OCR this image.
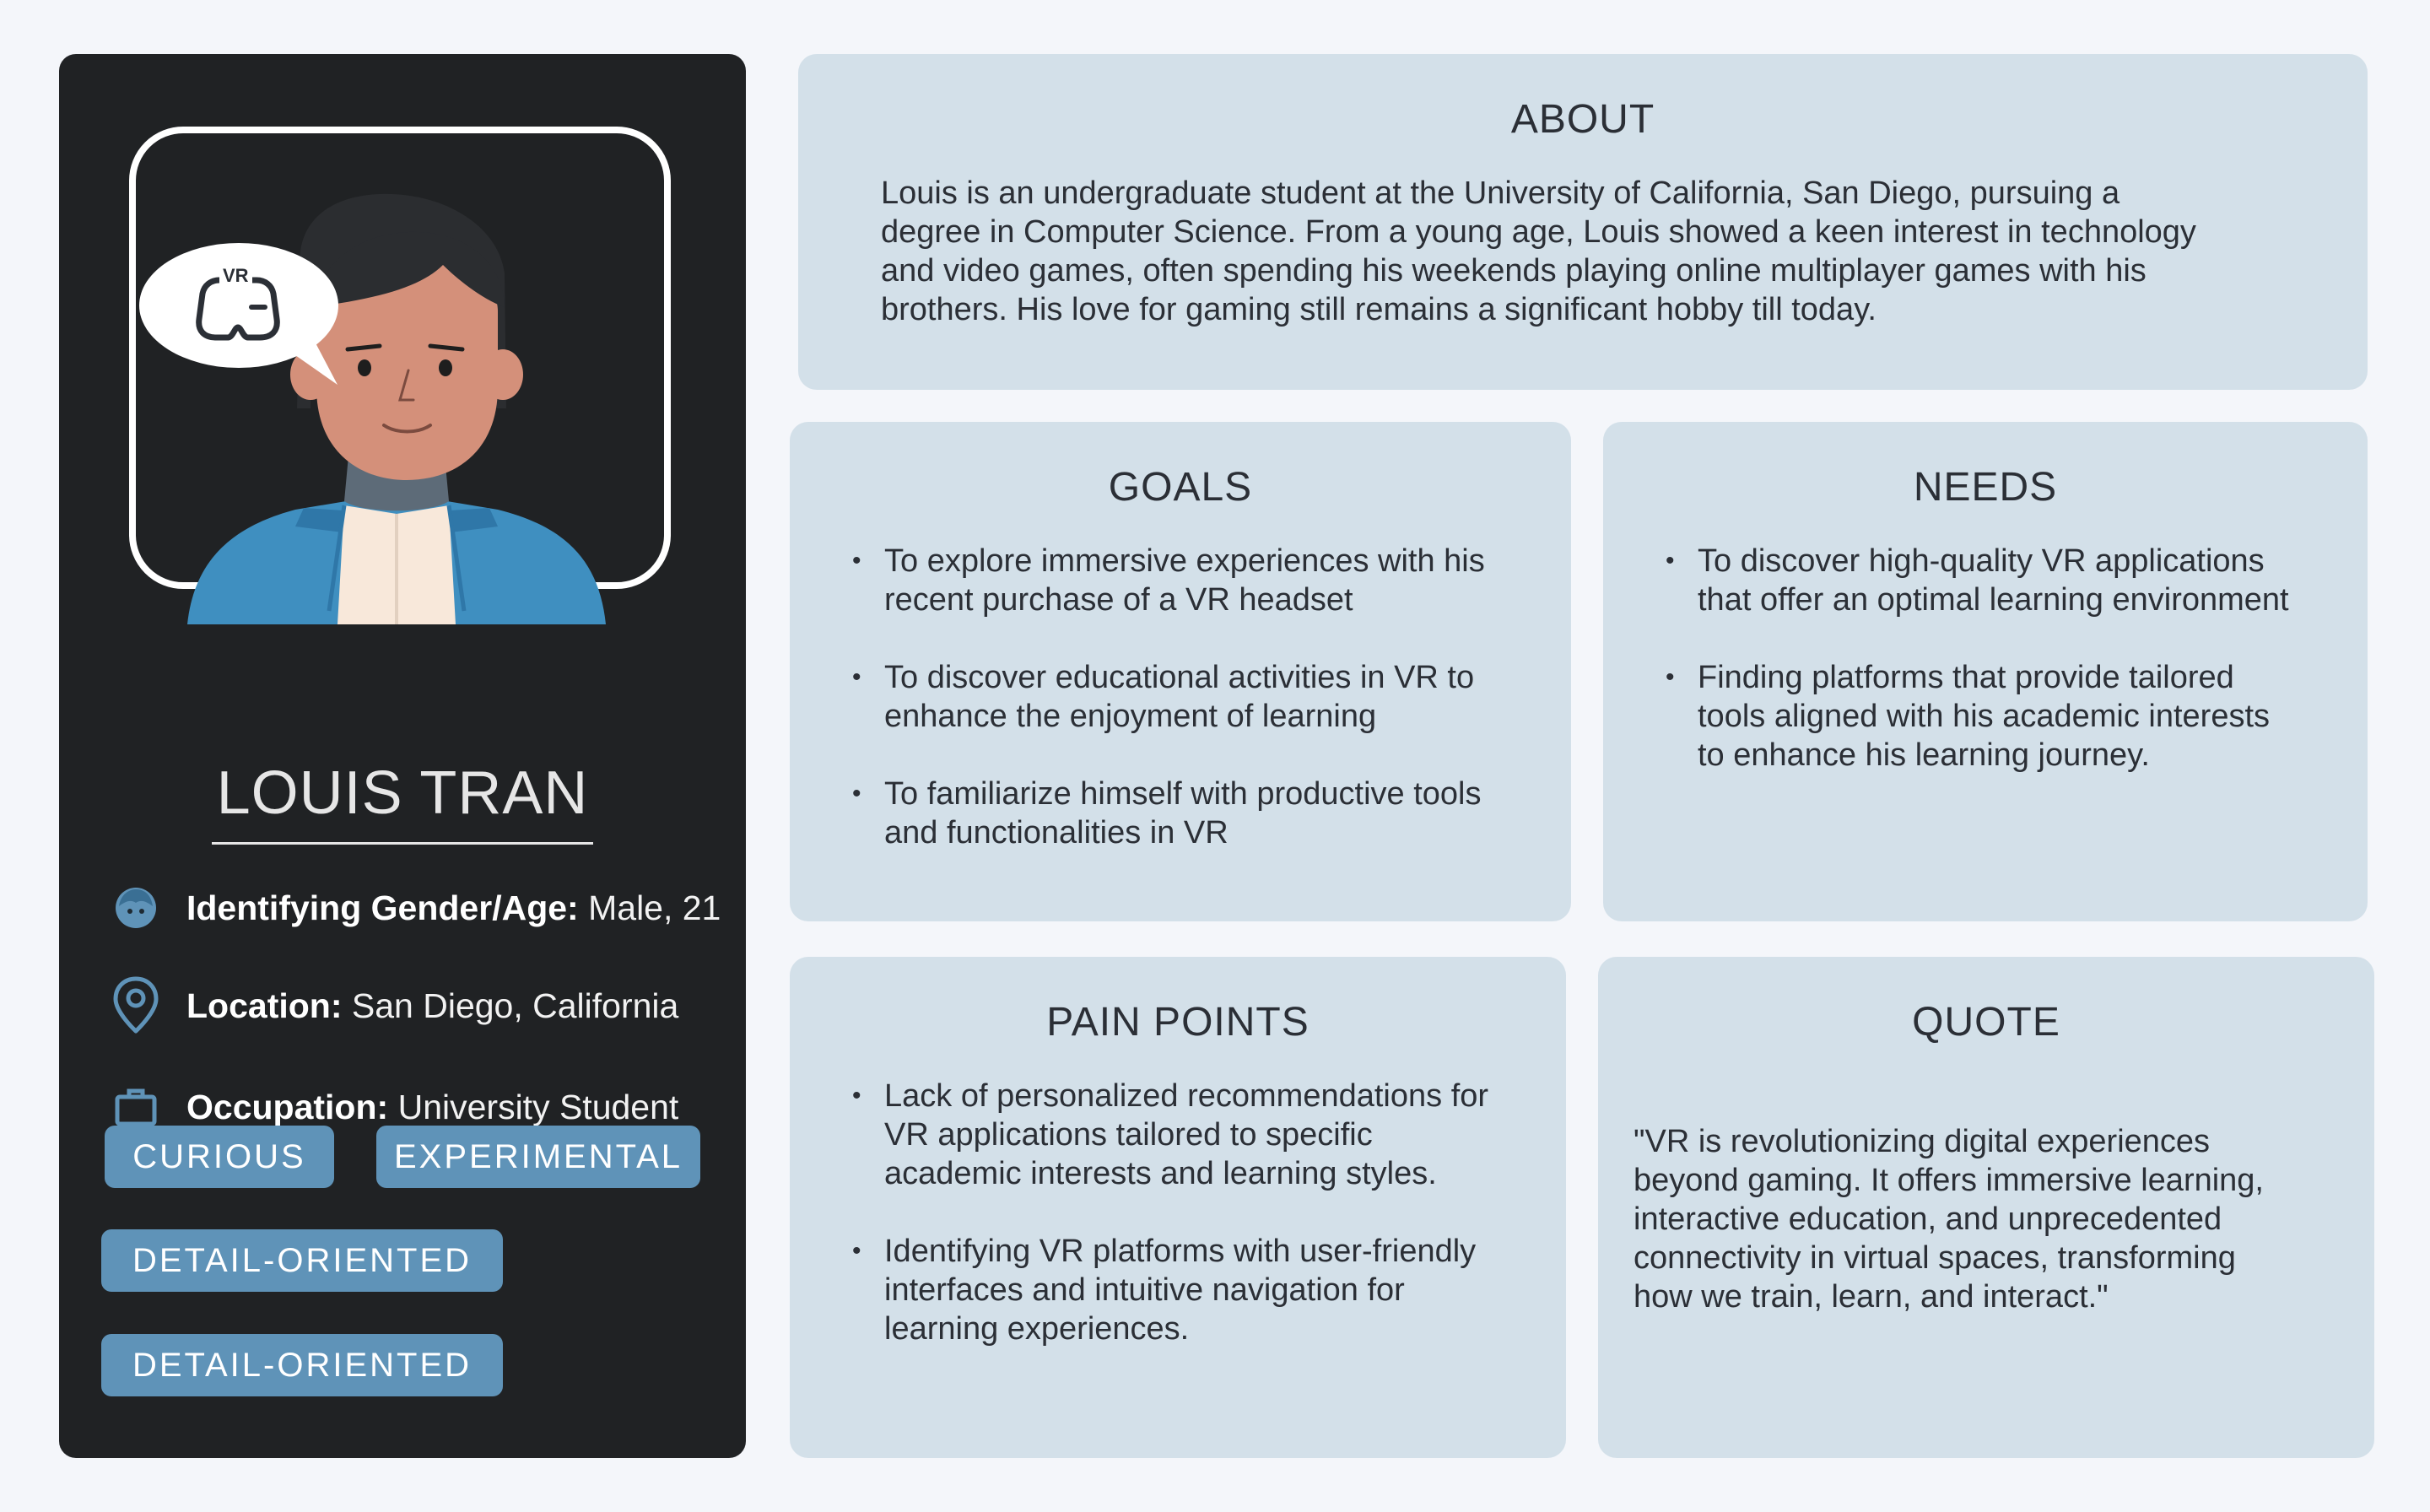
VR
LOUIS TRAN
Identifying Gender/Age: Male, 21
Location: San Diego, California
Occupation: University Student
CURIOUS	EXPERIMENTAL
DETAIL-ORIENTED
DETAIL-ORIENTED
ABOUT
Louis is an undergraduate student at the University of California, San Diego, pursuing a
degree in Computer Science. From a young age, Louis showed a keen interest in technology
and video games, often spending his weekends playing online multiplayer games with his
brothers. His love for gaming still remains a significant hobby till today.
GOALS
• To explore immersive experiences with his
recent purchase of a VR headset
• To discover educational activities in VR to
enhance the enjoyment of learning
• To familiarize himself with productive tools
and functionalities in VR
NEEDS
• To discover high-quality VR applications
that offer an optimal learning environment
• Finding platforms that provide tailored
tools aligned with his academic interests
to enhance his learning journey.
PAIN POINTS
• Lack of personalized recommendations for
VR applications tailored to specific
academic interests and learning styles.
• Identifying VR platforms with user-friendly
interfaces and intuitive navigation for
learning experiences.
QUOTE
"VR is revolutionizing digital experiences
beyond gaming. It offers immersive learning,
interactive education, and unprecedented
connectivity in virtual spaces, transforming
how we train, learn, and interact."
